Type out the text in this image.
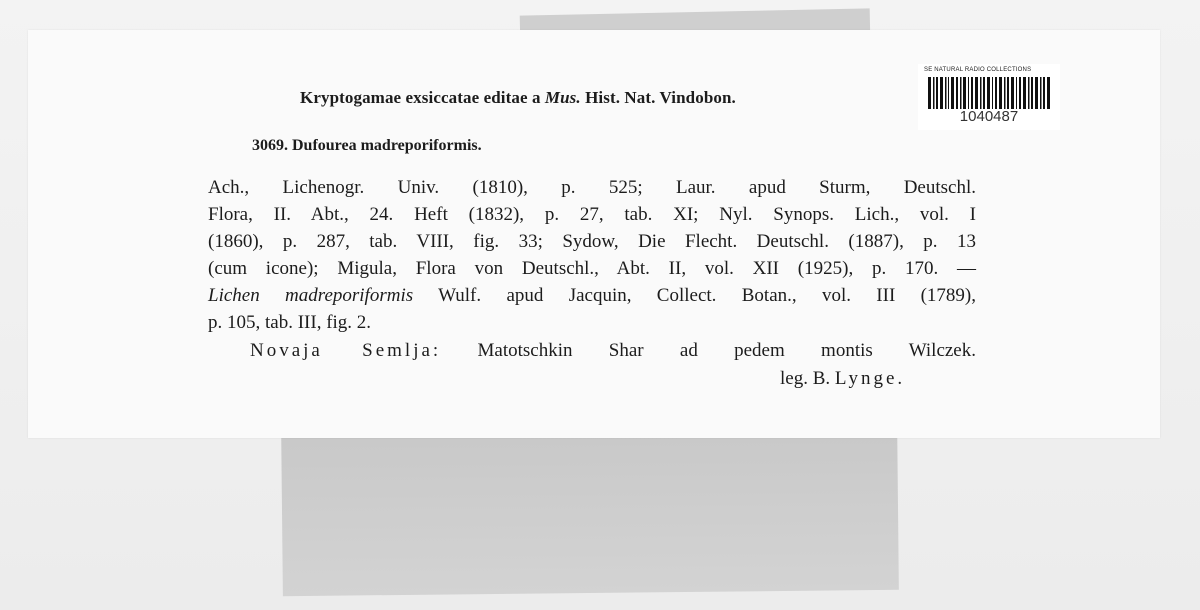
SE NATURAL RADIO COLLECTIONS
1040487
Kryptogamae exsiccatae editae a Mus. Hist. Nat. Vindobon.
3069. Dufourea madreporiformis.
Ach., Lichenogr. Univ. (1810), p. 525; Laur. apud Sturm, Deutschl.
Flora, II. Abt., 24. Heft (1832), p. 27, tab. XI; Nyl. Synops. Lich., vol. I
(1860), p. 287, tab. VIII, fig. 33; Sydow, Die Flecht. Deutschl. (1887), p. 13
(cum icone); Migula, Flora von Deutschl., Abt. II, vol. XII (1925), p. 170. —
Lichen madreporiformis Wulf. apud Jacquin, Collect. Botan., vol. III (1789),
p. 105, tab. III, fig. 2.
Novaja Semlja: Matotschkin Shar ad pedem montis Wilczek.
leg. B. Lynge.
